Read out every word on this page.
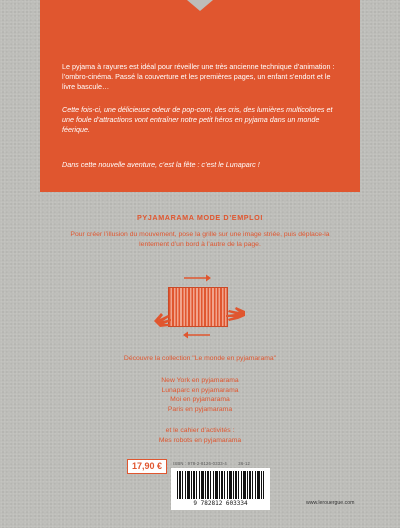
Le pyjama à rayures est idéal pour réveiller une très ancienne technique d’animation : l’ombro-cinéma. Passé la couverture et les premières pages, un enfant s’endort et le livre bascule…

Cette fois-ci, une délicieuse odeur de pop-corn, des cris, des lumières multicolores et une foule d’attractions vont entraîner notre petit héros en pyjama dans un monde féerique.

Dans cette nouvelle aventure, c’est la fête : c’est le Lunaparc !

PYJAMARAMA MODE D’EMPLOI

Pour créer l’illusion du mouvement, pose la grille sur une image striée, puis déplace-la lentement d’un bord à l’autre de la page.

Découvre la collection "Le monde en pyjamarama"

New York en pyjamarama

Lunaparc en pyjamarama

Moi en pyjamarama

Paris en pyjamarama

et le cahier d’activités :

Mes robots en pyjamarama

17,90 €	ISBN : 978-2-8126-0333-4	36-12
9 782812 603334	www.lerouergue.com
